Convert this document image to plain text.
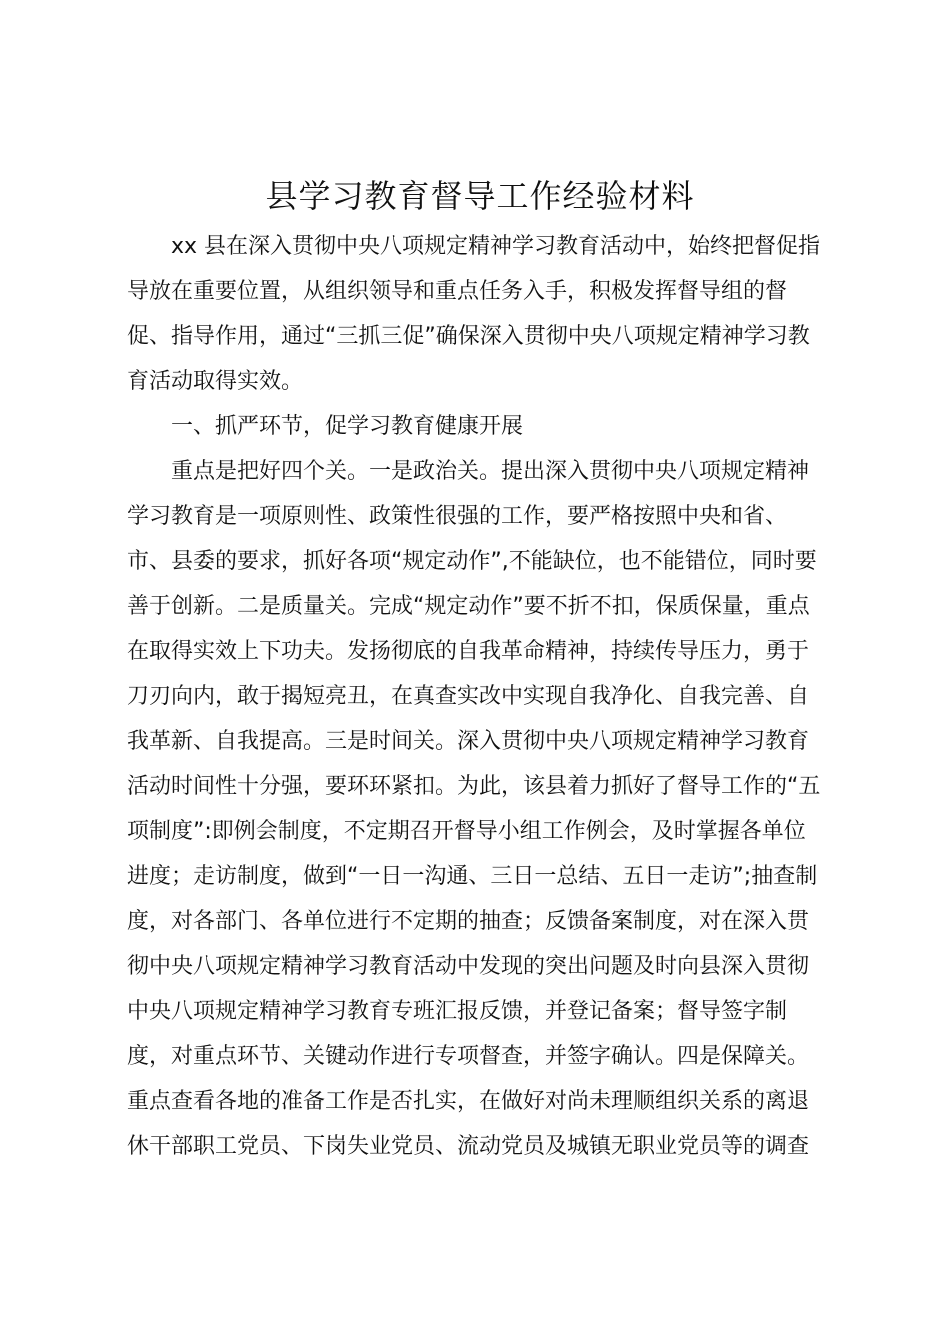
县学习教育督导工作经验材料

xx 县在深入贯彻中央八项规定精神学习教育活动中，始终把督促指

导放在重要位置，从组织领导和重点任务入手，积极发挥督导组的督

促、指导作用，通过“三抓三促”确保深入贯彻中央八项规定精神学习教

育活动取得实效。

一、抓严环节，促学习教育健康开展

重点是把好四个关。一是政治关。提出深入贯彻中央八项规定精神

学习教育是一项原则性、政策性很强的工作，要严格按照中央和省、

市、县委的要求，抓好各项“规定动作”,不能缺位，也不能错位，同时要

善于创新。二是质量关。完成“规定动作”要不折不扣，保质保量，重点

在取得实效上下功夫。发扬彻底的自我革命精神，持续传导压力，勇于

刀刃向内，敢于揭短亮丑，在真查实改中实现自我净化、自我完善、自

我革新、自我提高。三是时间关。深入贯彻中央八项规定精神学习教育

活动时间性十分强，要环环紧扣。为此，该县着力抓好了督导工作的“五

项制度”:即例会制度，不定期召开督导小组工作例会，及时掌握各单位

进度；走访制度，做到“一日一沟通、三日一总结、五日一走访”;抽查制

度，对各部门、各单位进行不定期的抽查；反馈备案制度，对在深入贯

彻中央八项规定精神学习教育活动中发现的突出问题及时向县深入贯彻

中央八项规定精神学习教育专班汇报反馈，并登记备案；督导签字制

度，对重点环节、关键动作进行专项督查，并签字确认。四是保障关。

重点查看各地的准备工作是否扎实，在做好对尚未理顺组织关系的离退

休干部职工党员、下岗失业党员、流动党员及城镇无职业党员等的调查
